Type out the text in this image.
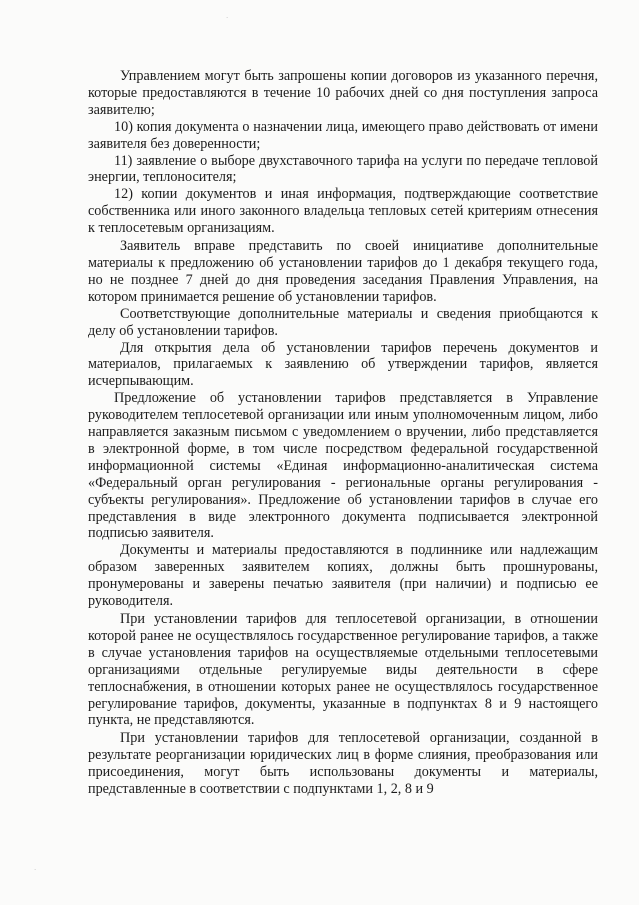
·
·

Управлением могут быть запрошены копии договоров из указанного перечня, которые предоставляются в течение 10 рабочих дней со дня поступления запроса заявителю;

10) копия документа о назначении лица, имеющего право действовать от имени заявителя без доверенности;

11) заявление о выборе двухставочного тарифа на услуги по передаче тепловой энергии, теплоносителя;

12) копии документов и иная информация, подтверждающие соответствие собственника или иного законного владельца тепловых сетей критериям отнесения к теплосетевым организациям.

Заявитель вправе представить по своей инициативе дополнительные материалы к предложению об установлении тарифов до 1 декабря текущего года, но не позднее 7 дней до дня проведения заседания Правления Управления, на котором принимается решение об установлении тарифов.

Соответствующие дополнительные материалы и сведения приобщаются к делу об установлении тарифов.

Для открытия дела об установлении тарифов перечень документов и материалов, прилагаемых к заявлению об утверждении тарифов, является исчерпывающим.

Предложение об установлении тарифов представляется в Управление руководителем теплосетевой организации или иным уполномоченным лицом, либо направляется заказным письмом с уведомлением о вручении, либо представляется в электронной форме, в том числе посредством федеральной государственной информационной системы «Единая информационно-аналитическая система «Федеральный орган регулирования - региональные органы регулирования - субъекты регулирования». Предложение об установлении тарифов в случае его представления в виде электронного документа подписывается электронной подписью заявителя.

Документы и материалы предоставляются в подлиннике или надлежащим образом заверенных заявителем копиях, должны быть прошнурованы, пронумерованы и заверены печатью заявителя (при наличии) и подписью ее руководителя.

При установлении тарифов для теплосетевой организации, в отношении которой ранее не осуществлялось государственное регулирование тарифов, а также в случае установления тарифов на осуществляемые отдельными теплосетевыми организациями отдельные регулируемые виды деятельности в сфере теплоснабжения, в отношении которых ранее не осуществлялось государственное регулирование тарифов, документы, указанные в подпунктах 8 и 9 настоящего пункта, не представляются.

При установлении тарифов для теплосетевой организации, созданной в результате реорганизации юридических лиц в форме слияния, преобразования или присоединения, могут быть использованы документы и материалы, представленные в соответствии с подпунктами 1, 2, 8 и 9
